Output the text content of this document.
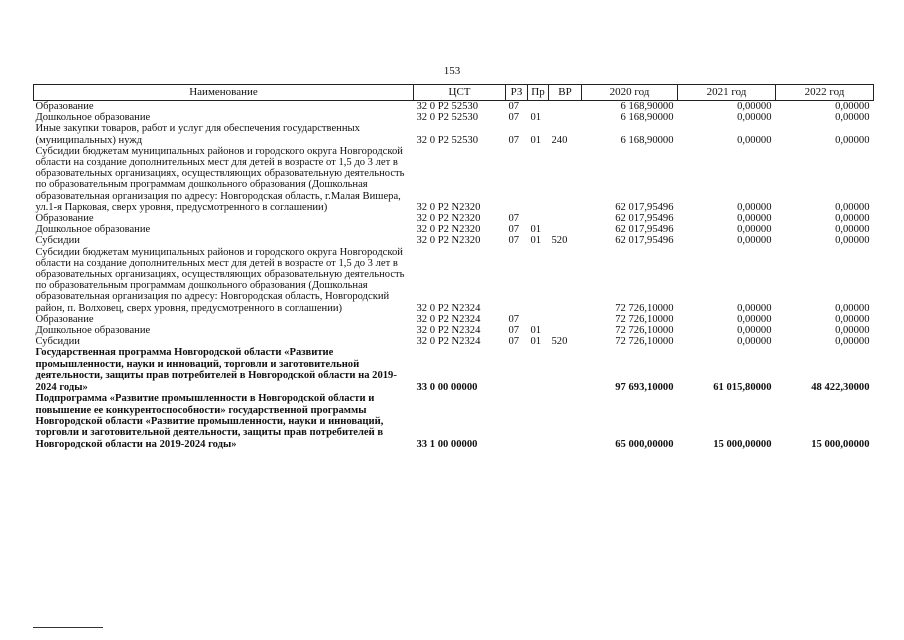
153
Наименование	ЦСТ	РЗ	Пр	ВР	2020 год	2021 год	2022 год
Образование	32 0 Р2 52530	07			6 168,90000	0,00000	0,00000
Дошкольное образование	32 0 Р2 52530	07	01		6 168,90000	0,00000	0,00000
Иные закупки товаров, работ и услуг для обеспечения государственных (муниципальных) нужд	32 0 Р2 52530	07	01	240	6 168,90000	0,00000	0,00000
Субсидии бюджетам муниципальных районов и городского округа Новгородской области на создание дополнительных мест для детей в возрасте от 1,5 до 3 лет в образовательных организациях, осуществляющих образовательную деятельность по образовательным программам дошкольного образования (Дошкольная образовательная организация по адресу: Новгородская область, г.Малая Вишера, ул.1-я Парковая, сверх уровня, предусмотренного в соглашении)	32 0 Р2 N2320				62 017,95496	0,00000	0,00000
Образование	32 0 Р2 N2320	07			62 017,95496	0,00000	0,00000
Дошкольное образование	32 0 Р2 N2320	07	01		62 017,95496	0,00000	0,00000
Субсидии	32 0 Р2 N2320	07	01	520	62 017,95496	0,00000	0,00000
Субсидии бюджетам муниципальных районов и городского округа Новгородской области на создание дополнительных мест для детей в возрасте от 1,5 до 3 лет в образовательных организациях, осуществляющих образовательную деятельность по образовательным программам дошкольного образования (Дошкольная образовательная организация по адресу: Новгородская область, Новгородский район, п. Волховец, сверх уровня, предусмотренного в соглашении)	32 0 Р2 N2324				72 726,10000	0,00000	0,00000
Образование	32 0 Р2 N2324	07			72 726,10000	0,00000	0,00000
Дошкольное образование	32 0 Р2 N2324	07	01		72 726,10000	0,00000	0,00000
Субсидии	32 0 Р2 N2324	07	01	520	72 726,10000	0,00000	0,00000
Государственная программа Новгородской области «Развитие промышленности, науки и инноваций, торговли и заготовительной деятельности, защиты прав потребителей в Новгородской области на 2019-2024 годы»	33 0 00 00000				97 693,10000	61 015,80000	48 422,30000
Подпрограмма «Развитие промышленности в Новгородской области и повышение ее конкурентоспособности» государственной программы Новгородской области «Развитие промышленности, науки и инноваций, торговли и заготовительной деятельности, защиты прав потребителей в Новгородской области на 2019-2024 годы»	33 1 00 00000				65 000,00000	15 000,00000	15 000,00000
